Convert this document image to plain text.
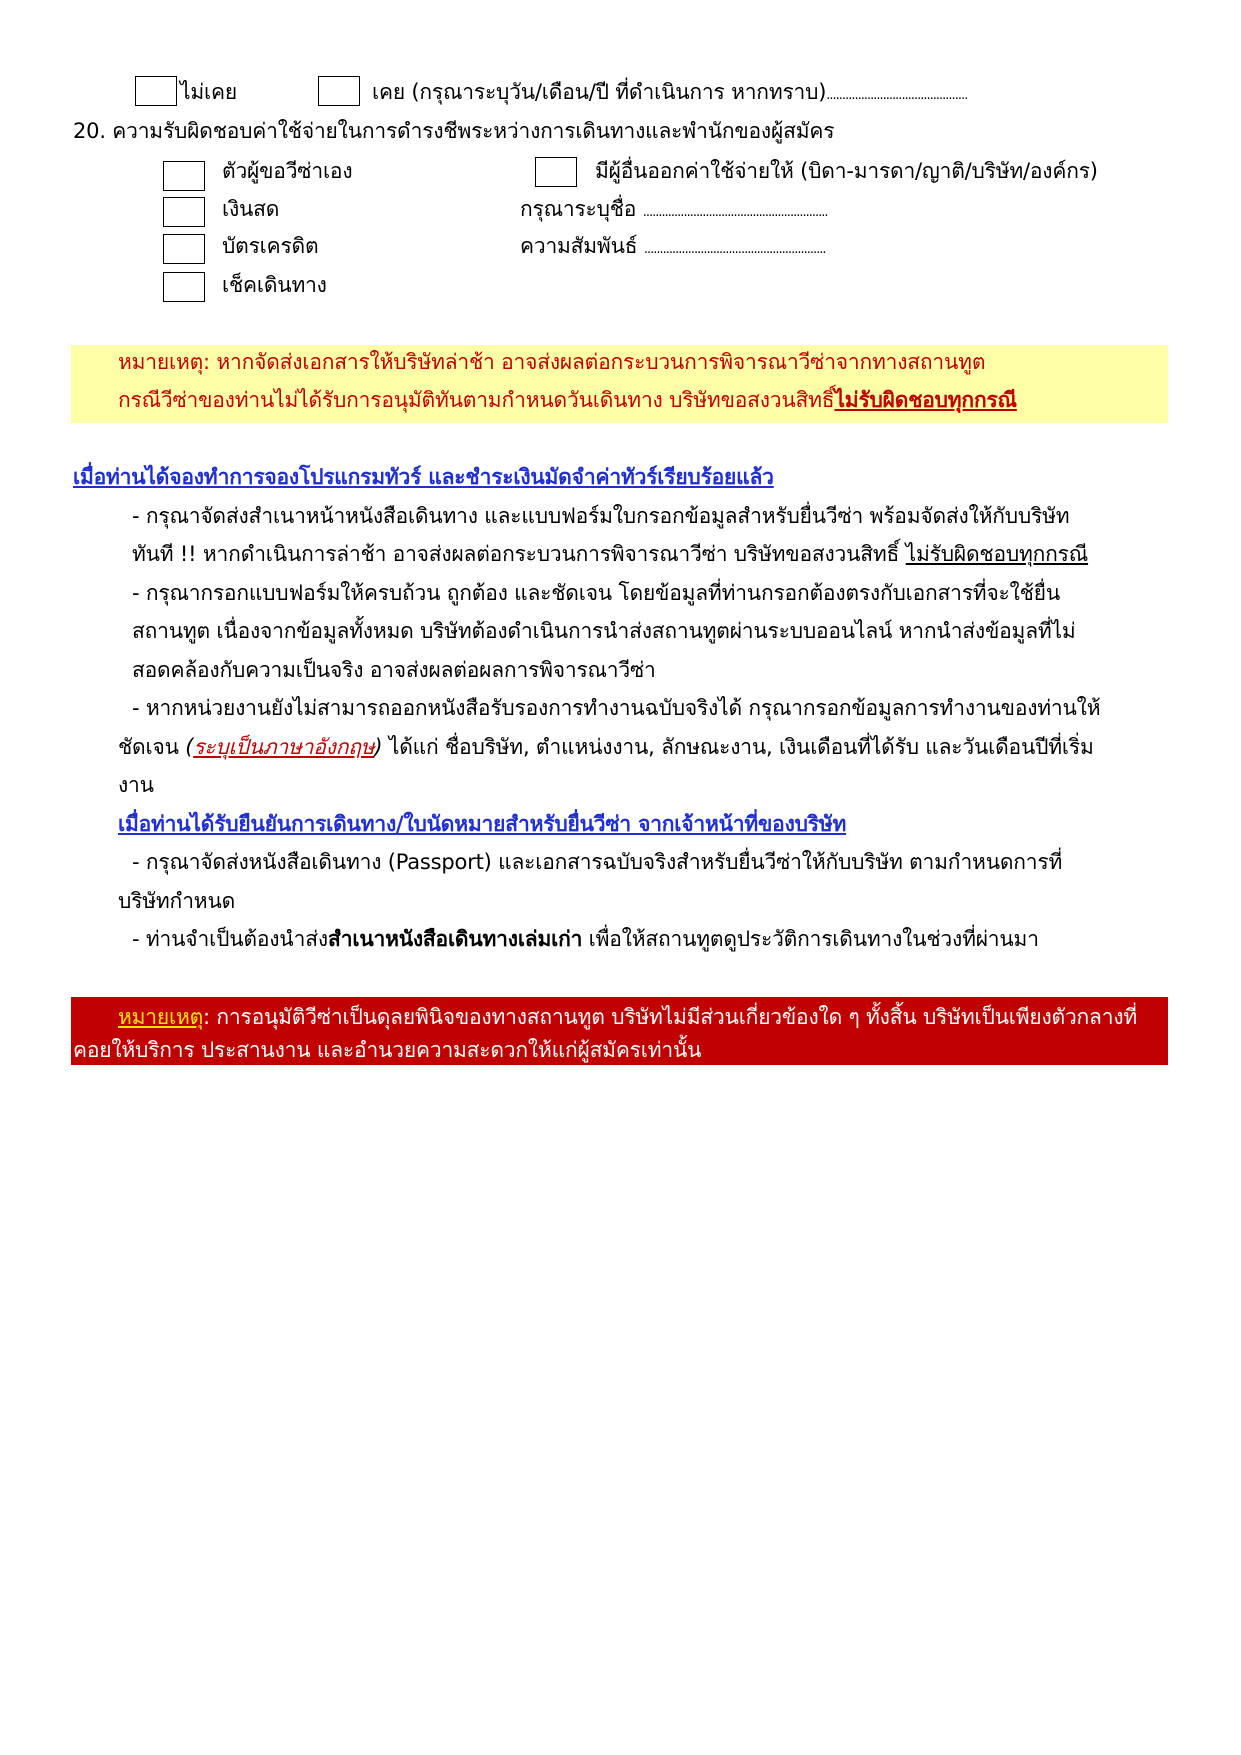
ไม่เคย	เคย (กรุณาระบุวัน/เดือน/ปี ที่ดำเนินการ หากทราบ).............................................
20. ความรับผิดชอบค่าใช้จ่ายในการดำรงชีพระหว่างการเดินทางและพำนักของผู้สมัคร
ตัวผู้ขอวีซ่าเอง	มีผู้อื่นออกค่าใช้จ่ายให้ (บิดา-มารดา/ญาติ/บริษัท/องค์กร)
เงินสด	กรุณาระบุชื่อ ...........................................................
บัตรเครดิต	ความสัมพันธ์ ..........................................................
เช็คเดินทาง
หมายเหตุ: หากจัดส่งเอกสารให้บริษัทล่าช้า อาจส่งผลต่อกระบวนการพิจารณาวีซ่าจากทางสถานทูต
กรณีวีซ่าของท่านไม่ได้รับการอนุมัติทันตามกำหนดวันเดินทาง บริษัทขอสงวนสิทธิ์ไม่รับผิดชอบทุกกรณี
เมื่อท่านได้จองทำการจองโปรแกรมทัวร์ และชำระเงินมัดจำค่าทัวร์เรียบร้อยแล้ว
- กรุณาจัดส่งสำเนาหน้าหนังสือเดินทาง และแบบฟอร์มใบกรอกข้อมูลสำหรับยื่นวีซ่า พร้อมจัดส่งให้กับบริษัท
ทันที !! หากดำเนินการล่าช้า อาจส่งผลต่อกระบวนการพิจารณาวีซ่า บริษัทขอสงวนสิทธิ์ ไม่รับผิดชอบทุกกรณี
- กรุณากรอกแบบฟอร์มให้ครบถ้วน ถูกต้อง และชัดเจน โดยข้อมูลที่ท่านกรอกต้องตรงกับเอกสารที่จะใช้ยื่น
สถานทูต เนื่องจากข้อมูลทั้งหมด บริษัทต้องดำเนินการนำส่งสถานทูตผ่านระบบออนไลน์ หากนำส่งข้อมูลที่ไม่
สอดคล้องกับความเป็นจริง อาจส่งผลต่อผลการพิจารณาวีซ่า
- หากหน่วยงานยังไม่สามารถออกหนังสือรับรองการทำงานฉบับจริงได้ กรุณากรอกข้อมูลการทำงานของท่านให้
ชัดเจน (ระบุเป็นภาษาอังกฤษ) ได้แก่ ชื่อบริษัท, ตำแหน่งงาน, ลักษณะงาน, เงินเดือนที่ได้รับ และวันเดือนปีที่เริ่ม
งาน
เมื่อท่านได้รับยืนยันการเดินทาง/ใบนัดหมายสำหรับยื่นวีซ่า จากเจ้าหน้าที่ของบริษัท
- กรุณาจัดส่งหนังสือเดินทาง (Passport) และเอกสารฉบับจริงสำหรับยื่นวีซ่าให้กับบริษัท ตามกำหนดการที่
บริษัทกำหนด
- ท่านจำเป็นต้องนำส่งสำเนาหนังสือเดินทางเล่มเก่า เพื่อให้สถานทูตดูประวัติการเดินทางในช่วงที่ผ่านมา
หมายเหตุ: การอนุมัติวีซ่าเป็นดุลยพินิจของทางสถานทูต บริษัทไม่มีส่วนเกี่ยวข้องใด ๆ ทั้งสิ้น บริษัทเป็นเพียงตัวกลางที่
คอยให้บริการ ประสานงาน และอำนวยความสะดวกให้แก่ผู้สมัครเท่านั้น
